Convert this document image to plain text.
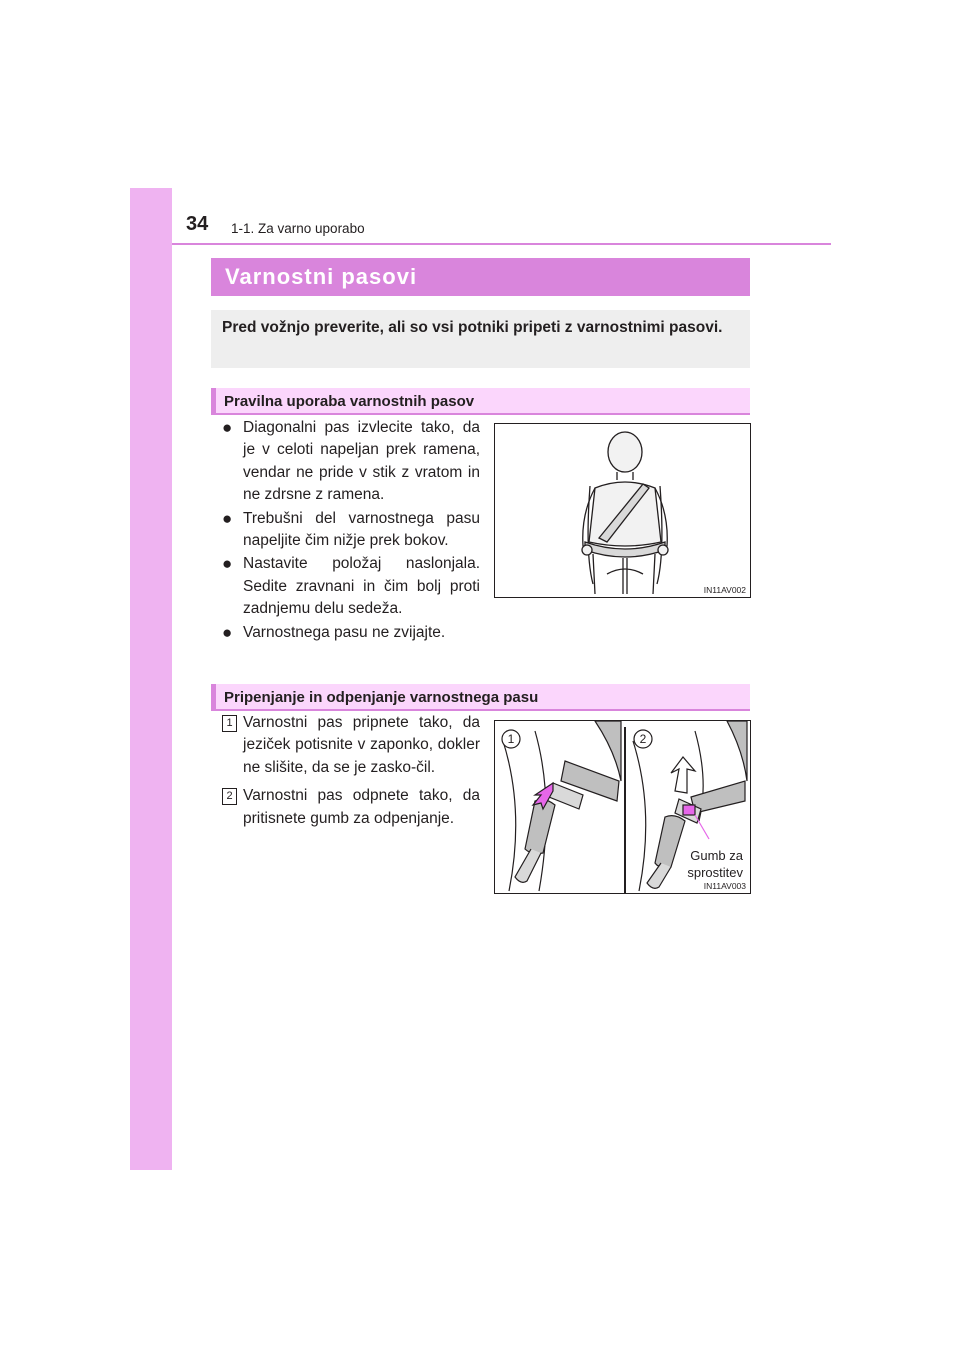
34 1-1. Za varno uporabo
Varnostni pasovi
Pred vožnjo preverite, ali so vsi potniki pripeti z varnostnimi pasovi.
Pravilna uporaba varnostnih pasov
● Diagonalni pas izvlecite tako, da je v celoti napeljan prek ramena, vendar ne pride v stik z vratom in ne zdrsne z ramena.
● Trebušni del varnostnega pasu napeljite čim nižje prek bokov.
● Nastavite položaj naslonjala. Sedite zravnani in čim bolj proti zadnjemu delu sedeža.
● Varnostnega pasu ne zvijajte.
IN11AV002
Pripenjanje in odpenjanje varnostnega pasu
1 Varnostni pas pripnete tako, da jeziček potisnite v zaponko, dokler ne slišite, da se je zasko-čil.
2 Varnostni pas odpnete tako, da pritisnete gumb za odpenjanje.
1	2
Gumb za
sprostitev
IN11AV003
